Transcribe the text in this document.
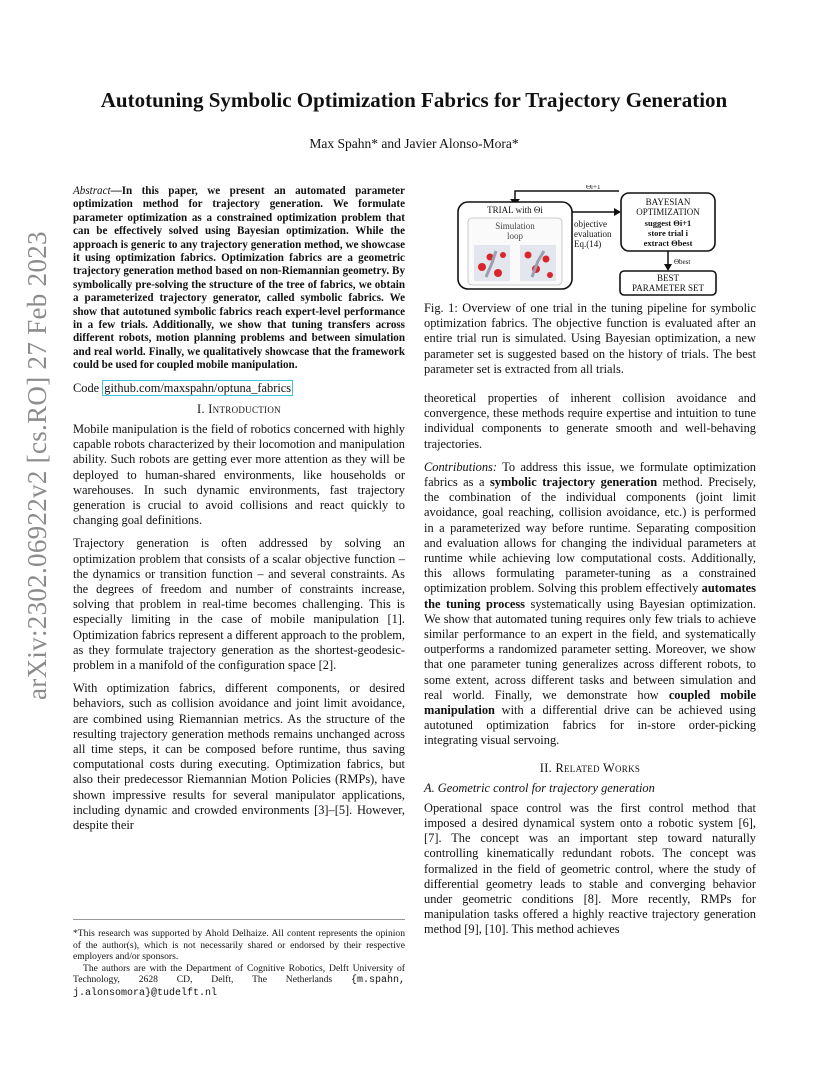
arXiv:2302.06922v2 [cs.RO] 27 Feb 2023
Autotuning Symbolic Optimization Fabrics for Trajectory Generation
Max Spahn* and Javier Alonso-Mora*

Abstract—In this paper, we present an automated parameter optimization method for trajectory generation. We formulate parameter optimization as a constrained optimization problem that can be effectively solved using Bayesian optimization. While the approach is generic to any trajectory generation method, we showcase it using optimization fabrics. Optimization fabrics are a geometric trajectory generation method based on non-Riemannian geometry. By symbolically pre-solving the structure of the tree of fabrics, we obtain a parameterized trajectory generator, called symbolic fabrics. We show that autotuned symbolic fabrics reach expert-level performance in a few trials. Additionally, we show that tuning transfers across different robots, motion planning problems and between simulation and real world. Finally, we qualitatively showcase that the framework could be used for coupled mobile manipulation.

Code github.com/maxspahn/optuna_fabrics
I. Introduction

Mobile manipulation is the field of robotics concerned with highly capable robots characterized by their locomotion and manipulation ability. Such robots are getting ever more attention as they will be deployed to human-shared environments, like households or warehouses. In such dynamic environments, fast trajectory generation is crucial to avoid collisions and react quickly to changing goal definitions.

Trajectory generation is often addressed by solving an optimization problem that consists of a scalar objective function – the dynamics or transition function – and several constraints. As the degrees of freedom and number of constraints increase, solving that problem in real-time becomes challenging. This is especially limiting in the case of mobile manipulation [1]. Optimization fabrics represent a different approach to the problem, as they formulate trajectory generation as the shortest-geodesic-problem in a manifold of the configuration space [2].

With optimization fabrics, different components, or desired behaviors, such as collision avoidance and joint limit avoidance, are combined using Riemannian metrics. As the structure of the resulting trajectory generation methods remains unchanged across all time steps, it can be composed before runtime, thus saving computational costs during executing. Optimization fabrics, but also their predecessor Riemannian Motion Policies (RMPs), have shown impressive results for several manipulator applications, including dynamic and crowded environments [3]–[5]. However, despite their

*This research was supported by Ahold Delhaize. All content represents the opinion of the author(s), which is not necessarily shared or endorsed by their respective employers and/or sponsors.

The authors are with the Department of Cognitive Robotics, Delft University of Technology, 2628 CD, Delft, The Netherlands {m.spahn, j.alonsomora}@tudelft.nl

Θi+1
TRIAL with Θi
Simulation
loop
objective
evaluation
Eq.(14)
BAYESIAN
OPTIMIZATION
suggest Θi+1
store trial i
extract Θbest
Θbest
BEST
PARAMETER SET

Fig. 1: Overview of one trial in the tuning pipeline for symbolic optimization fabrics. The objective function is evaluated after an entire trial run is simulated. Using Bayesian optimization, a new parameter set is suggested based on the history of trials. The best parameter set is extracted from all trials.

theoretical properties of inherent collision avoidance and convergence, these methods require expertise and intuition to tune individual components to generate smooth and well-behaving trajectories.

Contributions: To address this issue, we formulate optimization fabrics as a symbolic trajectory generation method. Precisely, the combination of the individual components (joint limit avoidance, goal reaching, collision avoidance, etc.) is performed in a parameterized way before runtime. Separating composition and evaluation allows for changing the individual parameters at runtime while achieving low computational costs. Additionally, this allows formulating parameter-tuning as a constrained optimization problem. Solving this problem effectively automates the tuning process systematically using Bayesian optimization. We show that automated tuning requires only few trials to achieve similar performance to an expert in the field, and systematically outperforms a randomized parameter setting. Moreover, we show that one parameter tuning generalizes across different robots, to some extent, across different tasks and between simulation and real world. Finally, we demonstrate how coupled mobile manipulation with a differential drive can be achieved using autotuned optimization fabrics for in-store order-picking integrating visual servoing.

II. Related Works
A. Geometric control for trajectory generation

Operational space control was the first control method that imposed a desired dynamical system onto a robotic system [6], [7]. The concept was an important step toward naturally controlling kinematically redundant robots. The concept was formalized in the field of geometric control, where the study of differential geometry leads to stable and converging behavior under geometric conditions [8]. More recently, RMPs for manipulation tasks offered a highly reactive trajectory generation method [9], [10]. This method achieves
